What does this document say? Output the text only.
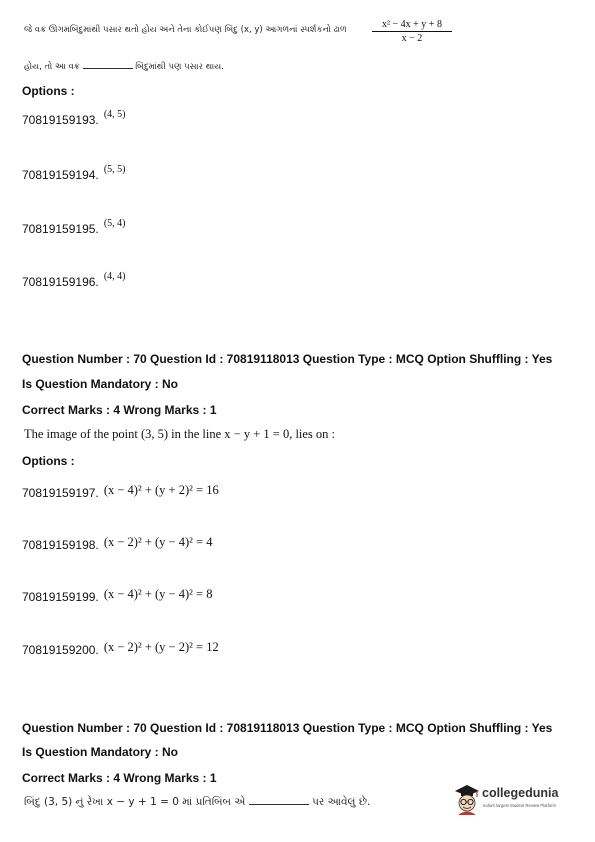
જે વક્ર ઊગમબિંદુમાંથી પસાર થતો હોય અને તેના કોઈપણ બિંદુ (x, y) આગળનાં સ્પર્શકનો ઢાળ	$\frac{\text{x² − 4x + y + 8}}{x - 2}$
હોય, તો આ વક્ર	બિંદુમાંથી પણ પસાર થાય.
Options :
70819159193. $^{(4, 5)}$
70819159194. $^{(5, 5)}$
70819159195. $^{(5, 4)}$
70819159196. $^{(4, 4)}$
Question Number : 70 Question Id : 70819118013 Question Type : MCQ Option Shuffling : Yes
Is Question Mandatory : No
Correct Marks : 4 Wrong Marks : 1
The image of the point (3, 5) in the line x − y + 1 = 0, lies on :
Options :
70819159197. (x − 4)² + (y + 2)² = 16
70819159198. (x − 2)² + (y − 4)² = 4
70819159199. (x − 4)² + (y − 4)² = 8
70819159200. (x − 2)² + (y − 2)² = 12
Question Number : 70 Question Id : 70819118013 Question Type : MCQ Option Shuffling : Yes
Is Question Mandatory : No
Correct Marks : 4 Wrong Marks : 1
બિંદુ (3, 5) નું રેખા x − y + 1 = 0 માં પ્રતિબિંબ એ	પર આવેલું છે.
collegedunia
India's largest Student Review Platform
